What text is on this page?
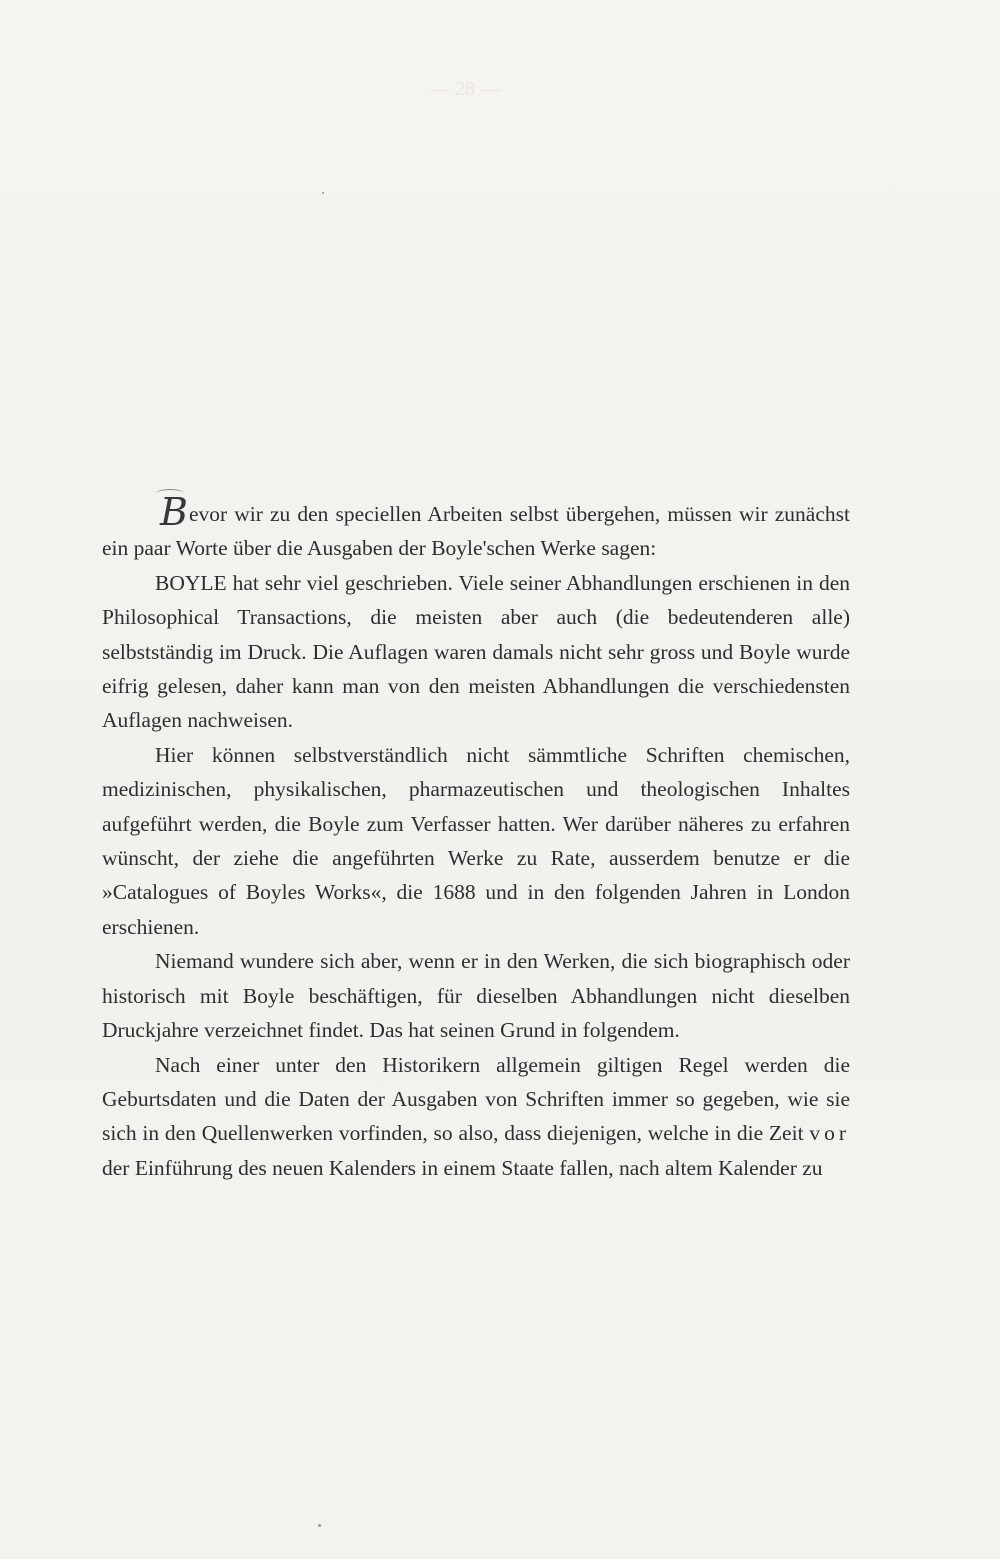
— 28 —

Bevor wir zu den speciellen Arbeiten selbst übergehen, müssen wir zunächst ein paar Worte über die Ausgaben der Boyle'schen Werke sagen:

BOYLE hat sehr viel geschrieben. Viele seiner Abhandlungen erschienen in den Philosophical Transactions, die meisten aber auch (die bedeutenderen alle) selbstständig im Druck. Die Auflagen waren damals nicht sehr gross und Boyle wurde eifrig gelesen, daher kann man von den meisten Abhandlungen die verschiedensten Auflagen nachweisen.

Hier können selbstverständlich nicht sämmtliche Schriften chemischen, medizinischen, physikalischen, pharmazeutischen und theologischen Inhaltes aufgeführt werden, die Boyle zum Verfasser hatten. Wer darüber näheres zu erfahren wünscht, der ziehe die angeführten Werke zu Rate, ausserdem benutze er die »Catalogues of Boyles Works«, die 1688 und in den folgenden Jahren in London erschienen.

Niemand wundere sich aber, wenn er in den Werken, die sich biographisch oder historisch mit Boyle beschäftigen, für dieselben Abhandlungen nicht dieselben Druckjahre verzeichnet findet. Das hat seinen Grund in folgendem.

Nach einer unter den Historikern allgemein giltigen Regel werden die Geburtsdaten und die Daten der Ausgaben von Schriften immer so gegeben, wie sie sich in den Quellenwerken vorfinden, so also, dass diejenigen, welche in die Zeit vor der Einführung des neuen Kalenders in einem Staate fallen, nach altem Kalender zu
